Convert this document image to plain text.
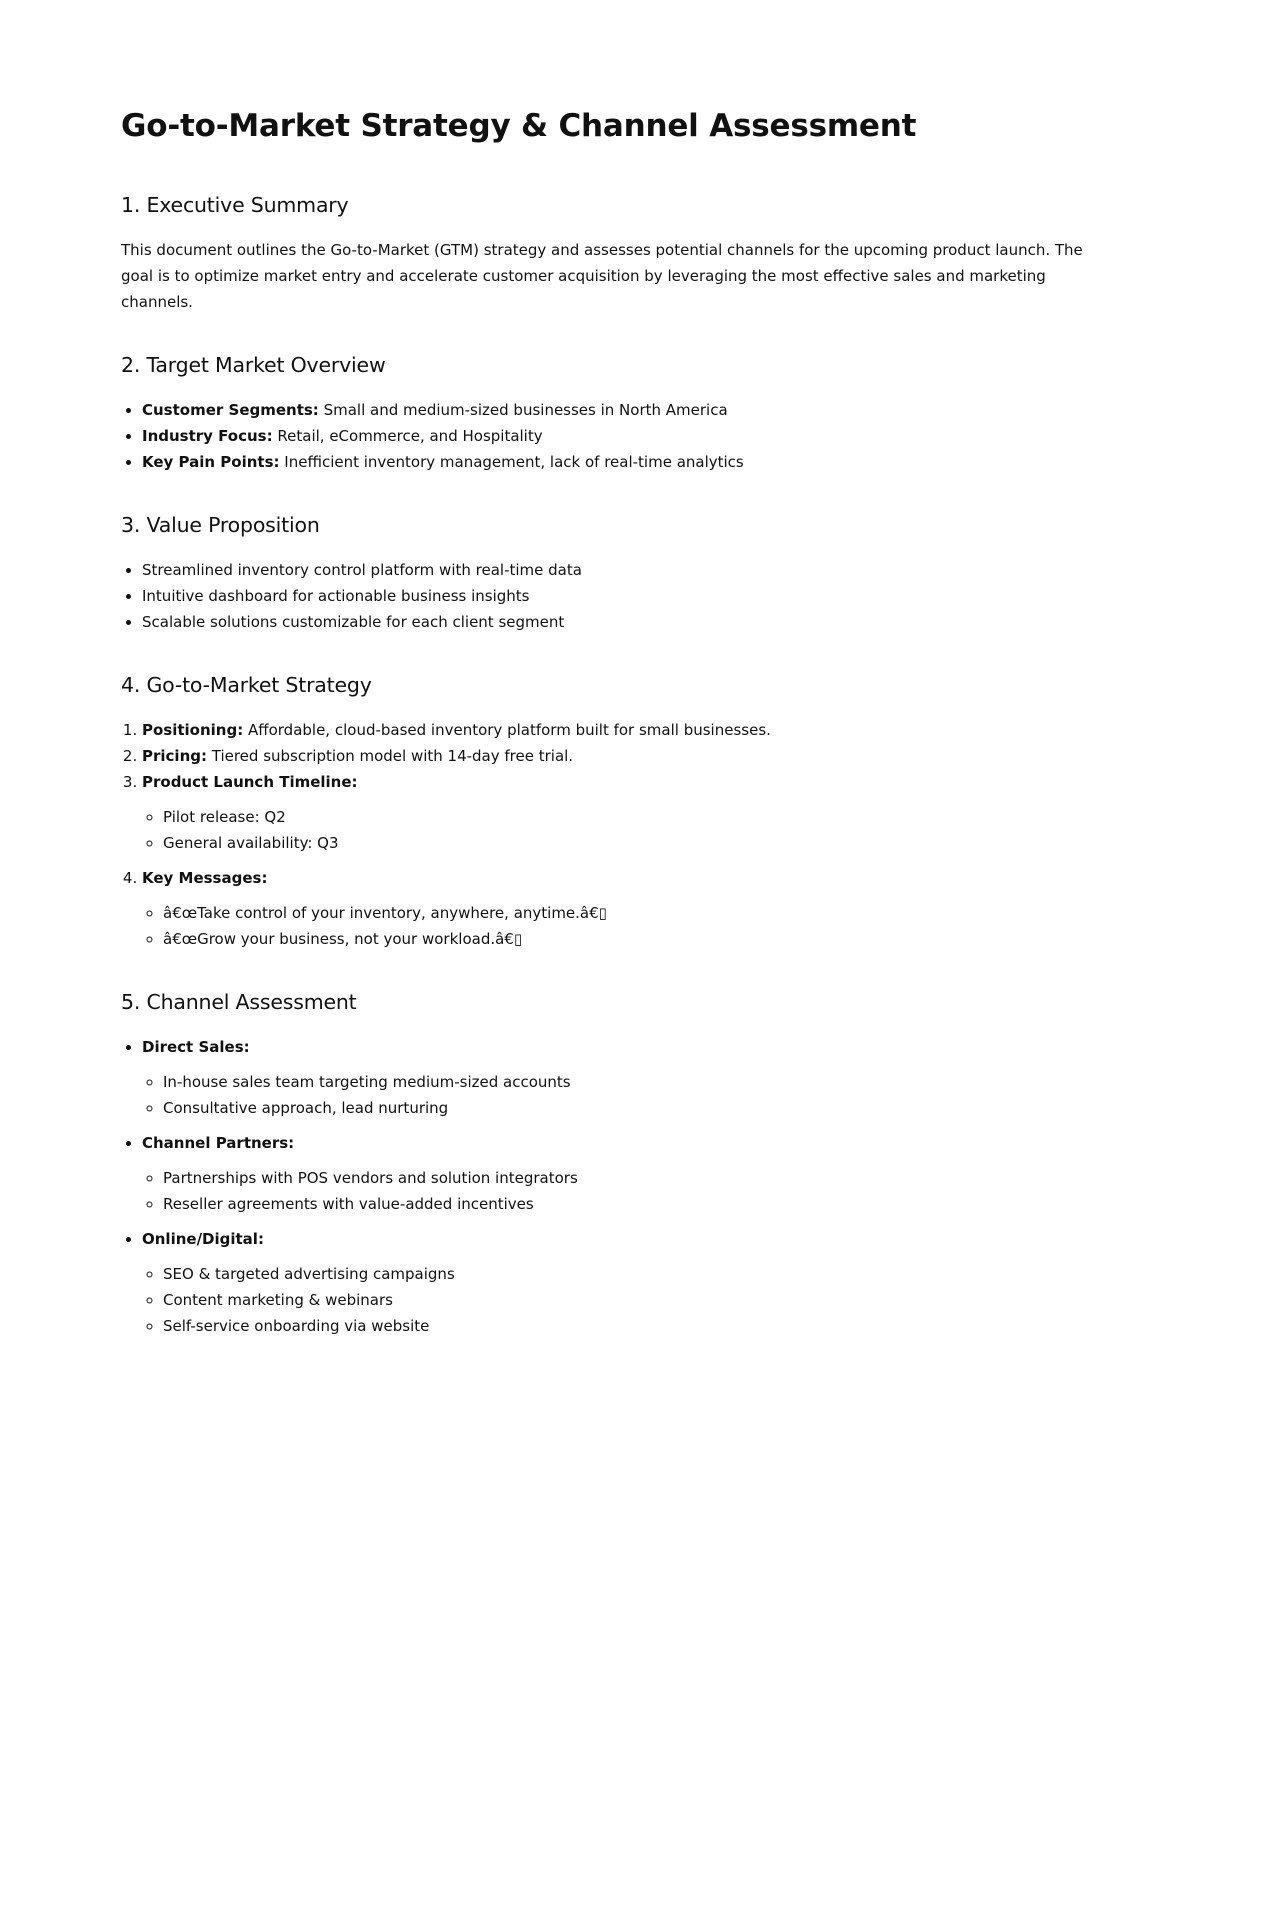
Go-to-Market Strategy & Channel Assessment
1. Executive Summary

This document outlines the Go-to-Market (GTM) strategy and assesses potential channels for the upcoming product launch. The goal is to optimize market entry and accelerate customer acquisition by leveraging the most effective sales and marketing channels.

2. Target Market Overview
• Customer Segments: Small and medium-sized businesses in North America
• Industry Focus: Retail, eCommerce, and Hospitality
• Key Pain Points: Inefficient inventory management, lack of real-time analytics
3. Value Proposition
• Streamlined inventory control platform with real-time data
• Intuitive dashboard for actionable business insights
• Scalable solutions customizable for each client segment
4. Go-to-Market Strategy
1. Positioning: Affordable, cloud-based inventory platform built for small businesses.
2. Pricing: Tiered subscription model with 14-day free trial.
3. Product Launch Timeline:
◦ Pilot release: Q2
◦ General availability: Q3
4. Key Messages:
◦ â€œTake control of your inventory, anywhere, anytime.â€▯
◦ â€œGrow your business, not your workload.â€▯
5. Channel Assessment
• Direct Sales:
◦ In-house sales team targeting medium-sized accounts
◦ Consultative approach, lead nurturing
• Channel Partners:
◦ Partnerships with POS vendors and solution integrators
◦ Reseller agreements with value-added incentives
• Online/Digital:
◦ SEO & targeted advertising campaigns
◦ Content marketing & webinars
◦ Self-service onboarding via website
